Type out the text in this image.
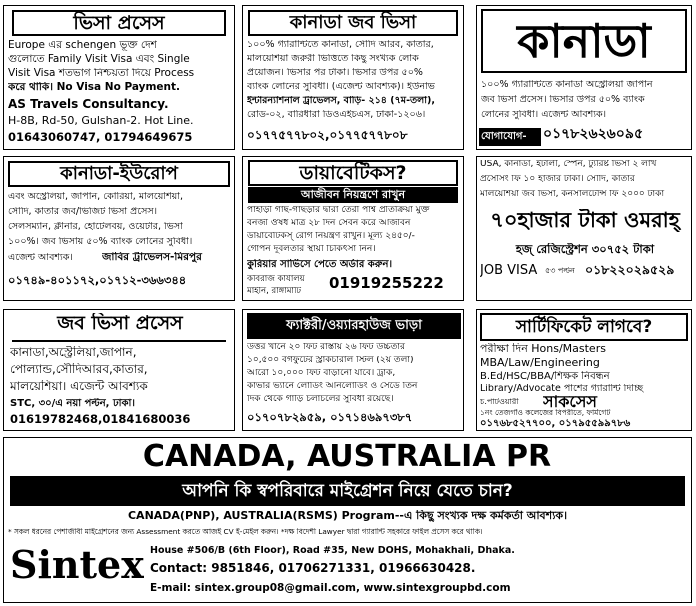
ভিসা প্রসেস
Europe এর schengen ভূক্ত দেশ
গুলোতে Family Visit Visa এবং Single
Visit Visa শতভাগ নিশ্চয়তা দিয়ে Process
করে থাকি। No Visa No Payment.
AS Travels Consultancy.
H-8B, Rd-50, Gulshan-2. Hot Line.
01643060747, 01794649675
কানাডা জব ভিসা
১০০% গ্যারান্টিতে কানাডা, সৌদি আরব, কাতার,
মালয়েশিয়া জরুরী ভিত্তিতে কিছু সংখ্যক লোক
প্রয়োজন। ভিসার পর টাকা। ভিসার উপর ৫০%
ব্যাংক লোনের সুবিধা। (এজেন্ট আবশ্যক)। ইউনাভ
ইন্টারন্যাশনাল ট্রাভেলস, বাড়ি- ২১৪ (৭ম-তলা),
রোড-০২, বারিধারা ডিওএইচএস, ঢাকা-১২০৬।
০১৭৭৫৭৭৮০২,০১৭৭৫৭৭৮০৮
কানাডা
১০০% গ্যারান্টিতে কানাডা অস্ট্রেলিয়া জাপান
জব ভিসা প্রসেস। ভিসার উপর ৫০% ব্যাংক
লোনের সুবিধা। এজেন্ট আবশ্যক।
যোগাযোগ-	০১৭৮২৬২৬০৯৫
কানাডা-ইউরোপ
এবং অস্ট্রেলিয়া, জাপান, কোরিয়া, মালয়েশিয়া,
সৌদি, কাতার জব/ভিজিট ভিসা প্রসেস।
সেলসম্যান, ক্লীনার, হোটেলবয়, ওয়েটার, ভিসা
১০০%। জব ভিসায় ৫০% ব্যাংক লোনের সুবিধা।
এজেন্ট আবশ্যক।	জাবির ট্রাভেলস-মিরপুর
০১৭৪৯-৪০১১৭২,০১৭১২-৩৬৬৩৪৪
ডায়াবেটিকস?
আজীবন নিয়ন্ত্রণে রাখুন
পাহাড়ী গাছ-গাছড়ার দ্বারা তৈরী পার্শ্ব প্রতিক্রিয়া মুক্ত
বনজী ঔষধ মাত্র ২৮ দিন সেবন করে আজীবন
ডায়াবেটিকস্‌ রোগ নিয়ন্ত্রণ রাখুন। মূল্য ২৪৫০/-
গোপন দূর্বলতার স্থায়ী চিকিৎসা নিন।
কুরিয়ার সার্ভিসে পেতে অর্ডার করুন।
কবিরাজ কার্যালয়
মাইনি, রাঙ্গামাটি	01919255222
USA, কানাডা, ইটালী, স্পেন, ট্যুরিষ্ট ভিসা ২ লাখ
প্রসেসিং ফি ১০ হাজার টাকা। সৌদি, কাতার
মালয়েশিয়া জব ভিসা, কনসালটেন্সি ফি ২০০০ টাকা
৭০হাজার টাকা ওমরাহ্
হজ্ রেজিস্ট্রেশন ৩০৭৫২ টাকা
JOB VISA ৫৩ পল্টন ০১৮২২০২৯৫২৯
জব ভিসা প্রসেস
কানাডা,অস্ট্রেলিয়া,জাপান,
পোল্যান্ড,সৌদিআরব,কাতার,
মালয়েশিয়া। এজেন্ট আবশ্যক
STC, ৩০/এ নয়া পল্টন, ঢাকা।
01619782468,01841680036
ফ্যাক্টরী/ওয়্যারহাউজ ভাড়া
উত্তর খানে ২০ ফিট রাস্তায় ২৬ ফিট উচ্চতার
১০,৫০০ বর্গফুটের স্ট্রাকচারাল স্টিল (২য় তলা)
আরো ১০,০০০ ফিট বাড়ানো যাবে। ট্রাক,
কাভার ভ্যানে লোডিং আনলোডিং ও সেডে তিন
দিক থেকে গাড়ি চলাচলের সুবিধা রয়েছে।
০১৭০৭৮২৯৫৯, ০১৭১৪৬৯৭৩৮৭
সার্টিফিকেট লাগবে?
পরীক্ষা দিন Hons/Masters
MBA/Law/Engineering
B.Ed/HSC/BBA/শিক্ষক নিবন্ধন
Library/Advocate পাশের গ্যারান্টি দিচ্ছি
চ.পাটওয়ারী	সাকসেস
১নং তেজগাঁও কলেজের বিপরীতে, ফার্মগেট
০১৭৬৮৫২৭৭০০, ০১৭৯৫৫৯৯৭৮৬
CANADA, AUSTRALIA PR
আপনি কি স্বপরিবারে মাইগ্রেশন নিয়ে যেতে চান?
CANADA(PNP), AUSTRALIA(RSMS) Program--এ কিছু সংখ্যক দক্ষ কর্মকর্তা আবশ্যক।
* সকল ধরনের পেশাজীবী মাইগ্রেশনের জন্য Assessment করতে আজই CV ই-মেইল করুন। *দক্ষ বিদেশী Lawyer দ্বারা গ্যারান্টি সহকারে ফাইল প্রসেস করে থাকি।
Sintex House #506/B (6th Floor), Road #35, New DOHS, Mohakhali, Dhaka.
Contact: 9851846, 01706271331, 01966630428.
E-mail: sintex.group08@gmail.com, www.sintexgroupbd.com
